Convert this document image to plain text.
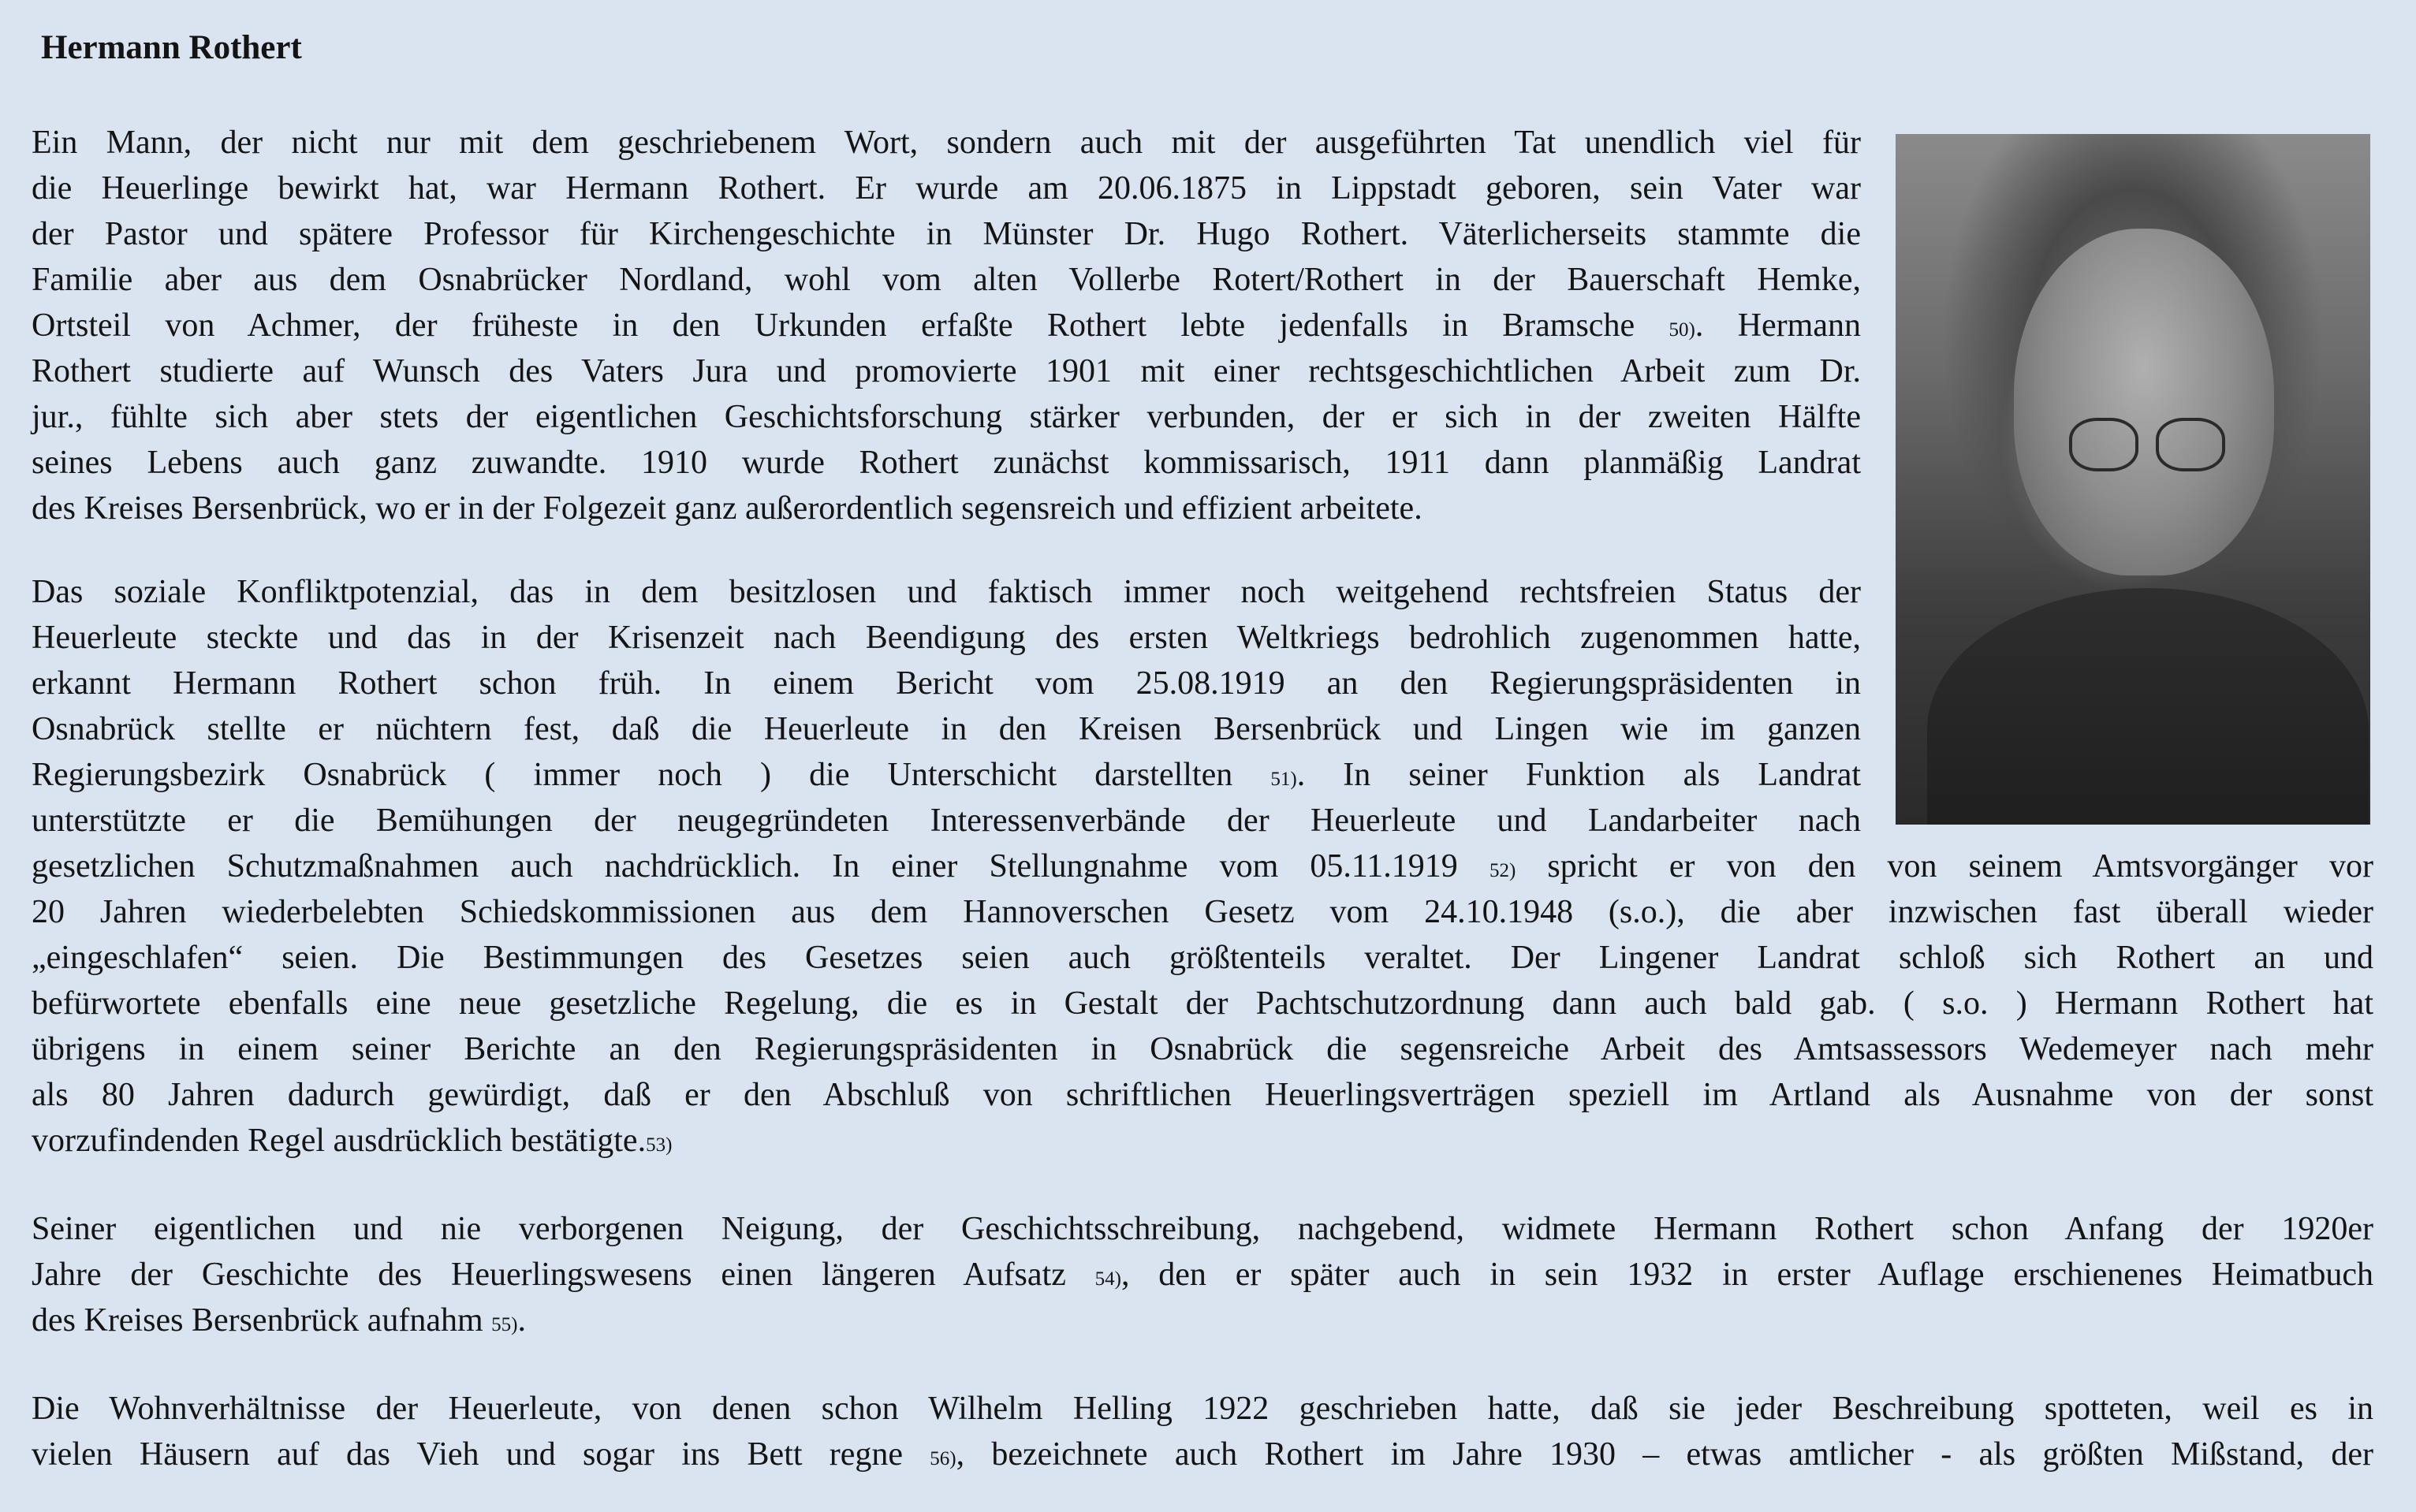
Hermann Rothert
Ein Mann, der nicht nur mit dem geschriebenem Wort, sondern auch mit der ausgeführten Tat unendlich viel für
die Heuerlinge bewirkt hat, war Hermann Rothert. Er wurde am 20.06.1875 in Lippstadt geboren, sein Vater war
der Pastor und spätere Professor für Kirchengeschichte in Münster Dr. Hugo Rothert. Väterlicherseits stammte die
Familie aber aus dem Osnabrücker Nordland, wohl vom alten Vollerbe Rotert/Rothert in der Bauerschaft Hemke,
Ortsteil von Achmer, der früheste in den Urkunden erfaßte Rothert lebte jedenfalls in Bramsche 50). Hermann
Rothert studierte auf Wunsch des Vaters Jura und promovierte 1901 mit einer rechtsgeschichtlichen Arbeit zum Dr.
jur., fühlte sich aber stets der eigentlichen Geschichtsforschung stärker verbunden, der er sich in der zweiten Hälfte
seines Lebens auch ganz zuwandte. 1910 wurde Rothert zunächst kommissarisch, 1911 dann planmäßig Landrat
des Kreises Bersenbrück, wo er in der Folgezeit ganz außerordentlich segensreich und effizient arbeitete.
Das soziale Konfliktpotenzial, das in dem besitzlosen und faktisch immer noch weitgehend rechtsfreien Status der
Heuerleute steckte und das in der Krisenzeit nach Beendigung des ersten Weltkriegs bedrohlich zugenommen hatte,
erkannt Hermann Rothert schon früh. In einem Bericht vom 25.08.1919 an den Regierungspräsidenten in
Osnabrück stellte er nüchtern fest, daß die Heuerleute in den Kreisen Bersenbrück und Lingen wie im ganzen
Regierungsbezirk Osnabrück ( immer noch ) die Unterschicht darstellten 51). In seiner Funktion als Landrat
unterstützte er die Bemühungen der neugegründeten Interessenverbände der Heuerleute und Landarbeiter nach
gesetzlichen Schutzmaßnahmen auch nachdrücklich. In einer Stellungnahme vom 05.11.1919 52) spricht er von den von seinem Amtsvorgänger vor
20 Jahren wiederbelebten Schiedskommissionen aus dem Hannoverschen Gesetz vom 24.10.1948 (s.o.), die aber inzwischen fast überall wieder
„eingeschlafen“ seien. Die Bestimmungen des Gesetzes seien auch größtenteils veraltet. Der Lingener Landrat schloß sich Rothert an und
befürwortete ebenfalls eine neue gesetzliche Regelung, die es in Gestalt der Pachtschutzordnung dann auch bald gab. ( s.o. ) Hermann Rothert hat
übrigens in einem seiner Berichte an den Regierungspräsidenten in Osnabrück die segensreiche Arbeit des Amtsassessors Wedemeyer nach mehr
als 80 Jahren dadurch gewürdigt, daß er den Abschluß von schriftlichen Heuerlingsverträgen speziell im Artland als Ausnahme von der sonst
vorzufindenden Regel ausdrücklich bestätigte.53)
Seiner eigentlichen und nie verborgenen Neigung, der Geschichtsschreibung, nachgebend, widmete Hermann Rothert schon Anfang der 1920er
Jahre der Geschichte des Heuerlingswesens einen längeren Aufsatz 54), den er später auch in sein 1932 in erster Auflage erschienenes Heimatbuch
des Kreises Bersenbrück aufnahm 55).
Die Wohnverhältnisse der Heuerleute, von denen schon Wilhelm Helling 1922 geschrieben hatte, daß sie jeder Beschreibung spotteten, weil es in
vielen Häusern auf das Vieh und sogar ins Bett regne 56), bezeichnete auch Rothert im Jahre 1930 – etwas amtlicher - als größten Mißstand, der
